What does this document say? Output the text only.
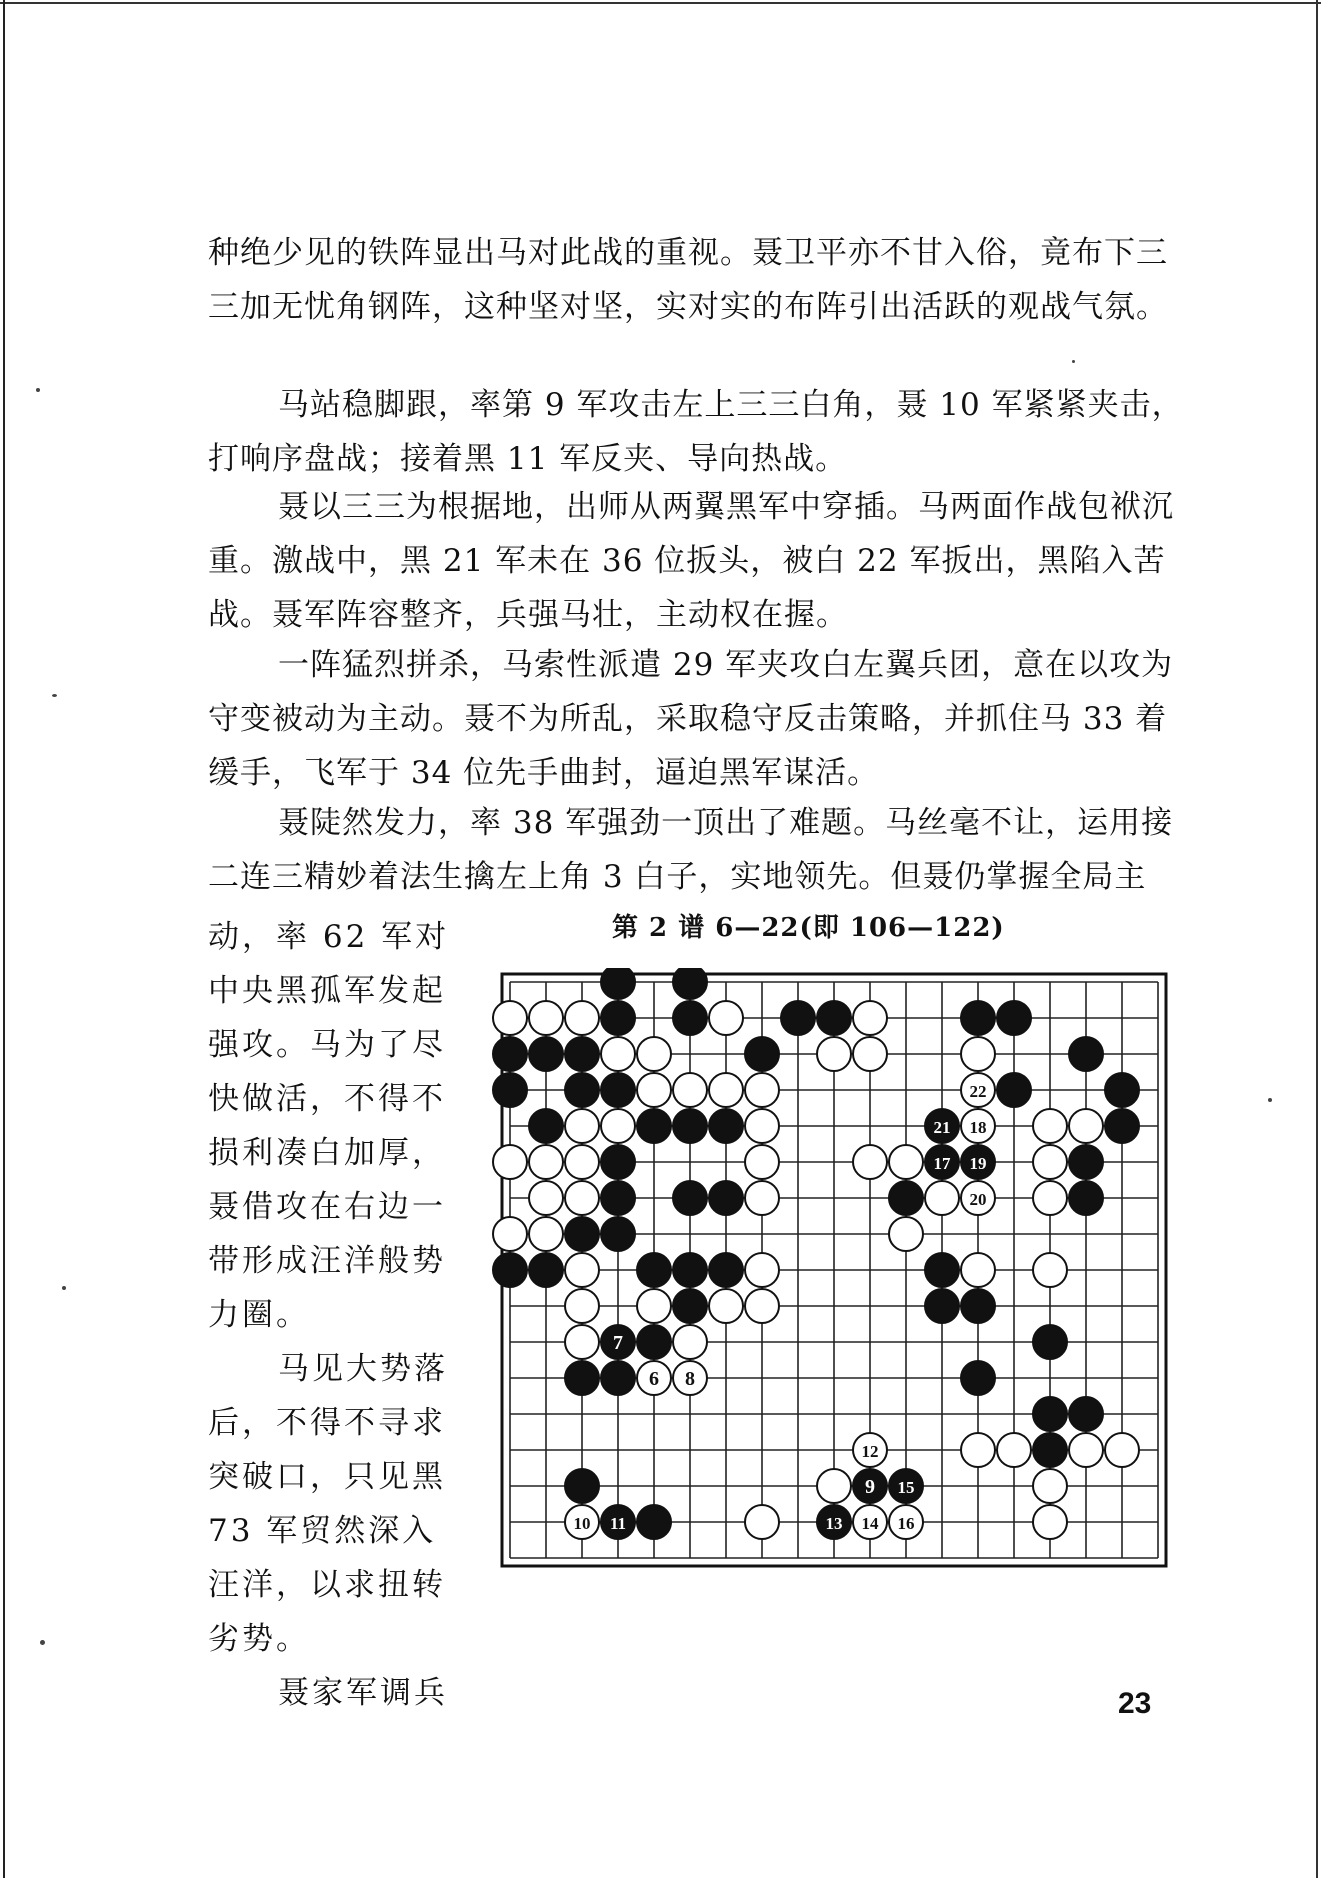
种绝少见的铁阵显出马对此战的重视。聂卫平亦不甘入俗，竟布下三三加无忧角钢阵，这种坚对坚，实对实的布阵引出活跃的观战气氛。

马站稳脚跟，率第 9 军攻击左上三三白角，聂 10 军紧紧夹击，打响序盘战；接着黑 11 军反夹、导向热战。

聂以三三为根据地，出师从两翼黑军中穿插。马两面作战包袱沉重。激战中，黑 21 军未在 36 位扳头，被白 22 军扳出，黑陷入苦战。聂军阵容整齐，兵强马壮，主动权在握。

一阵猛烈拼杀，马索性派遣 29 军夹攻白左翼兵团，意在以攻为守变被动为主动。聂不为所乱，采取稳守反击策略，并抓住马 33 着缓手，飞军于 34 位先手曲封，逼迫黑军谋活。

聂陡然发力，率 38 军强劲一顶出了难题。马丝毫不让，运用接二连三精妙着法生擒左上角 3 白子，实地领先。但聂仍掌握全局主

动，率 62 军对中央黑孤军发起强攻。马为了尽快做活，不得不损利凑白加厚，聂借攻在右边一带形成汪洋般势力圈。

马见大势落后，不得不寻求突破口，只见黑 73 军贸然深入汪洋，以求扭转劣势。

聂家军调兵

第 2 谱 6—22(即 106—122)
22
21 18
17 19
20
7
6 8
12
9 15
10 11	13 14 16
23
